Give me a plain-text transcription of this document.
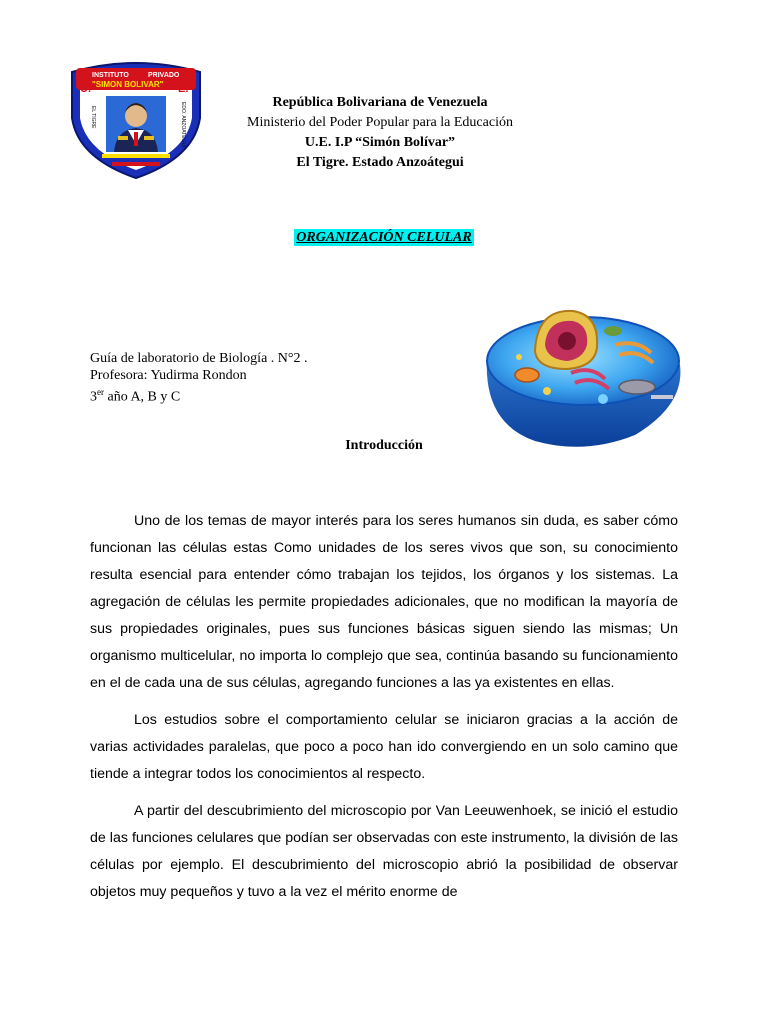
INSTITUTO	PRIVADO
"SIMON BOLIVAR"
U.	E.
EL TIGRE	EDO. ANZOATEGUI	República Bolivariana de Venezuela
Ministerio del Poder Popular para la Educación
U.E. I.P “Simón Bolívar”
El Tigre. Estado Anzoátegui
ORGANIZACIÓN CELULAR
Guía de laboratorio de Biología . N°2 .
Profesora: Yudirma Rondon
3er año A, B y C
Introducción

Uno de los temas de mayor interés para los seres humanos sin duda, es saber cómo funcionan las células estas Como unidades de los seres vivos que son, su conocimiento resulta esencial para entender cómo trabajan los tejidos, los órganos y los sistemas. La agregación de células les permite propiedades adicionales, que no modifican la mayoría de sus propiedades originales, pues sus funciones básicas siguen siendo las mismas; Un organismo multicelular, no importa lo complejo que sea, continúa basando su funcionamiento en el de cada una de sus células, agregando funciones a las ya existentes en ellas.

Los estudios sobre el comportamiento celular se iniciaron gracias a la acción de varias actividades paralelas, que poco a poco han ido convergiendo en un solo camino que tiende a integrar todos los conocimientos al respecto.

A partir del descubrimiento del microscopio por Van Leeuwenhoek, se inició el estudio de las funciones celulares que podían ser observadas con este instrumento, la división de las células por ejemplo. El descubrimiento del microscopio abrió la posibilidad de observar objetos muy pequeños y tuvo a la vez el mérito enorme de
